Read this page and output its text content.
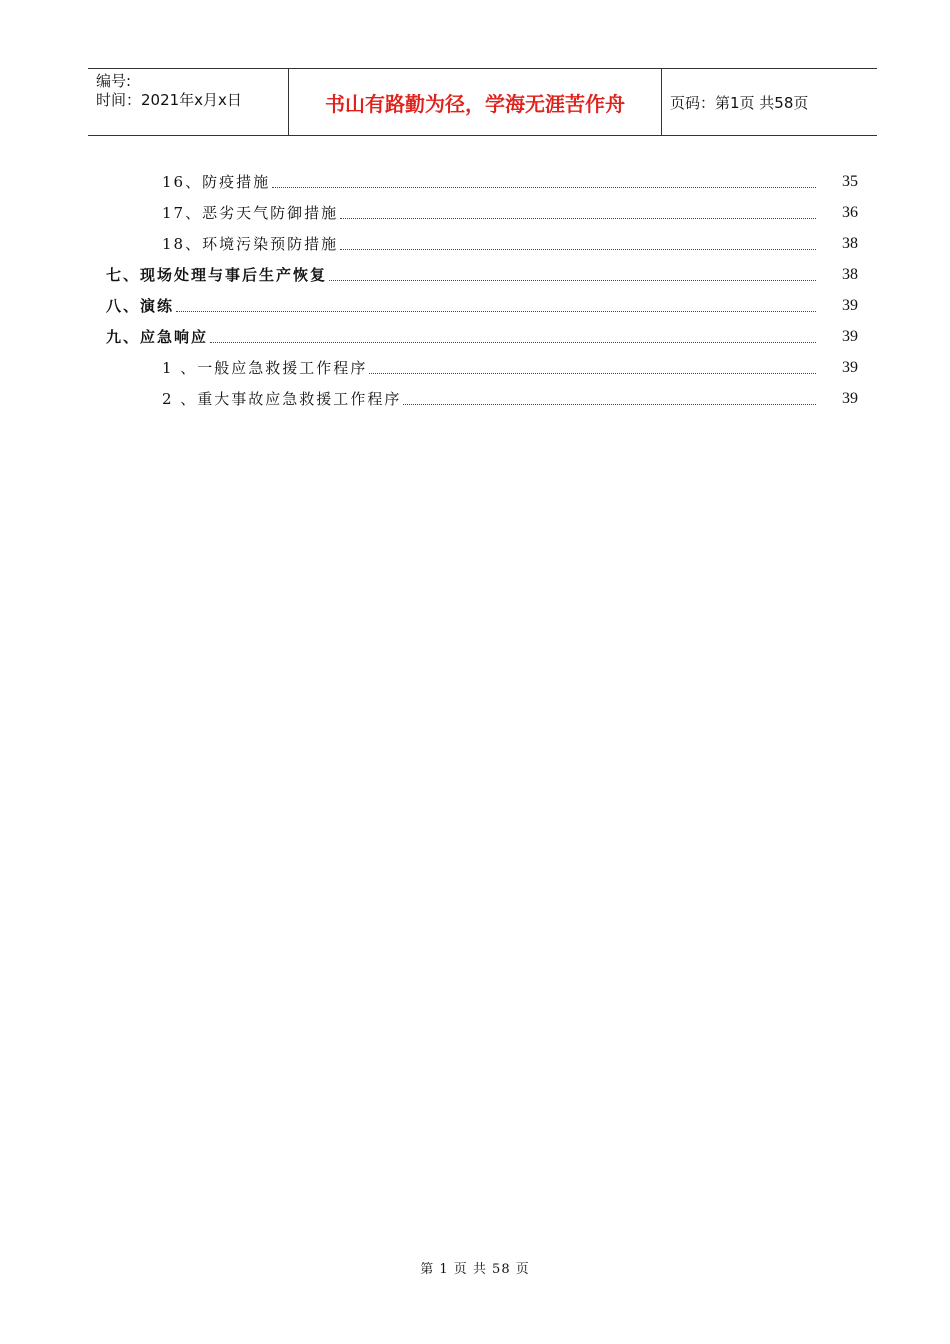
编号:
时间：2021年x月x日	书山有路勤为径，学海无涯苦作舟	页码：第1页 共58页
16、防疫措施	35
17、恶劣天气防御措施	36
18、环境污染预防措施	38
七、现场处理与事后生产恢复	38
八、演练	39
九、应急响应	39
1 、一般应急救援工作程序	39
2 、重大事故应急救援工作程序	39
第 1 页 共 58 页
